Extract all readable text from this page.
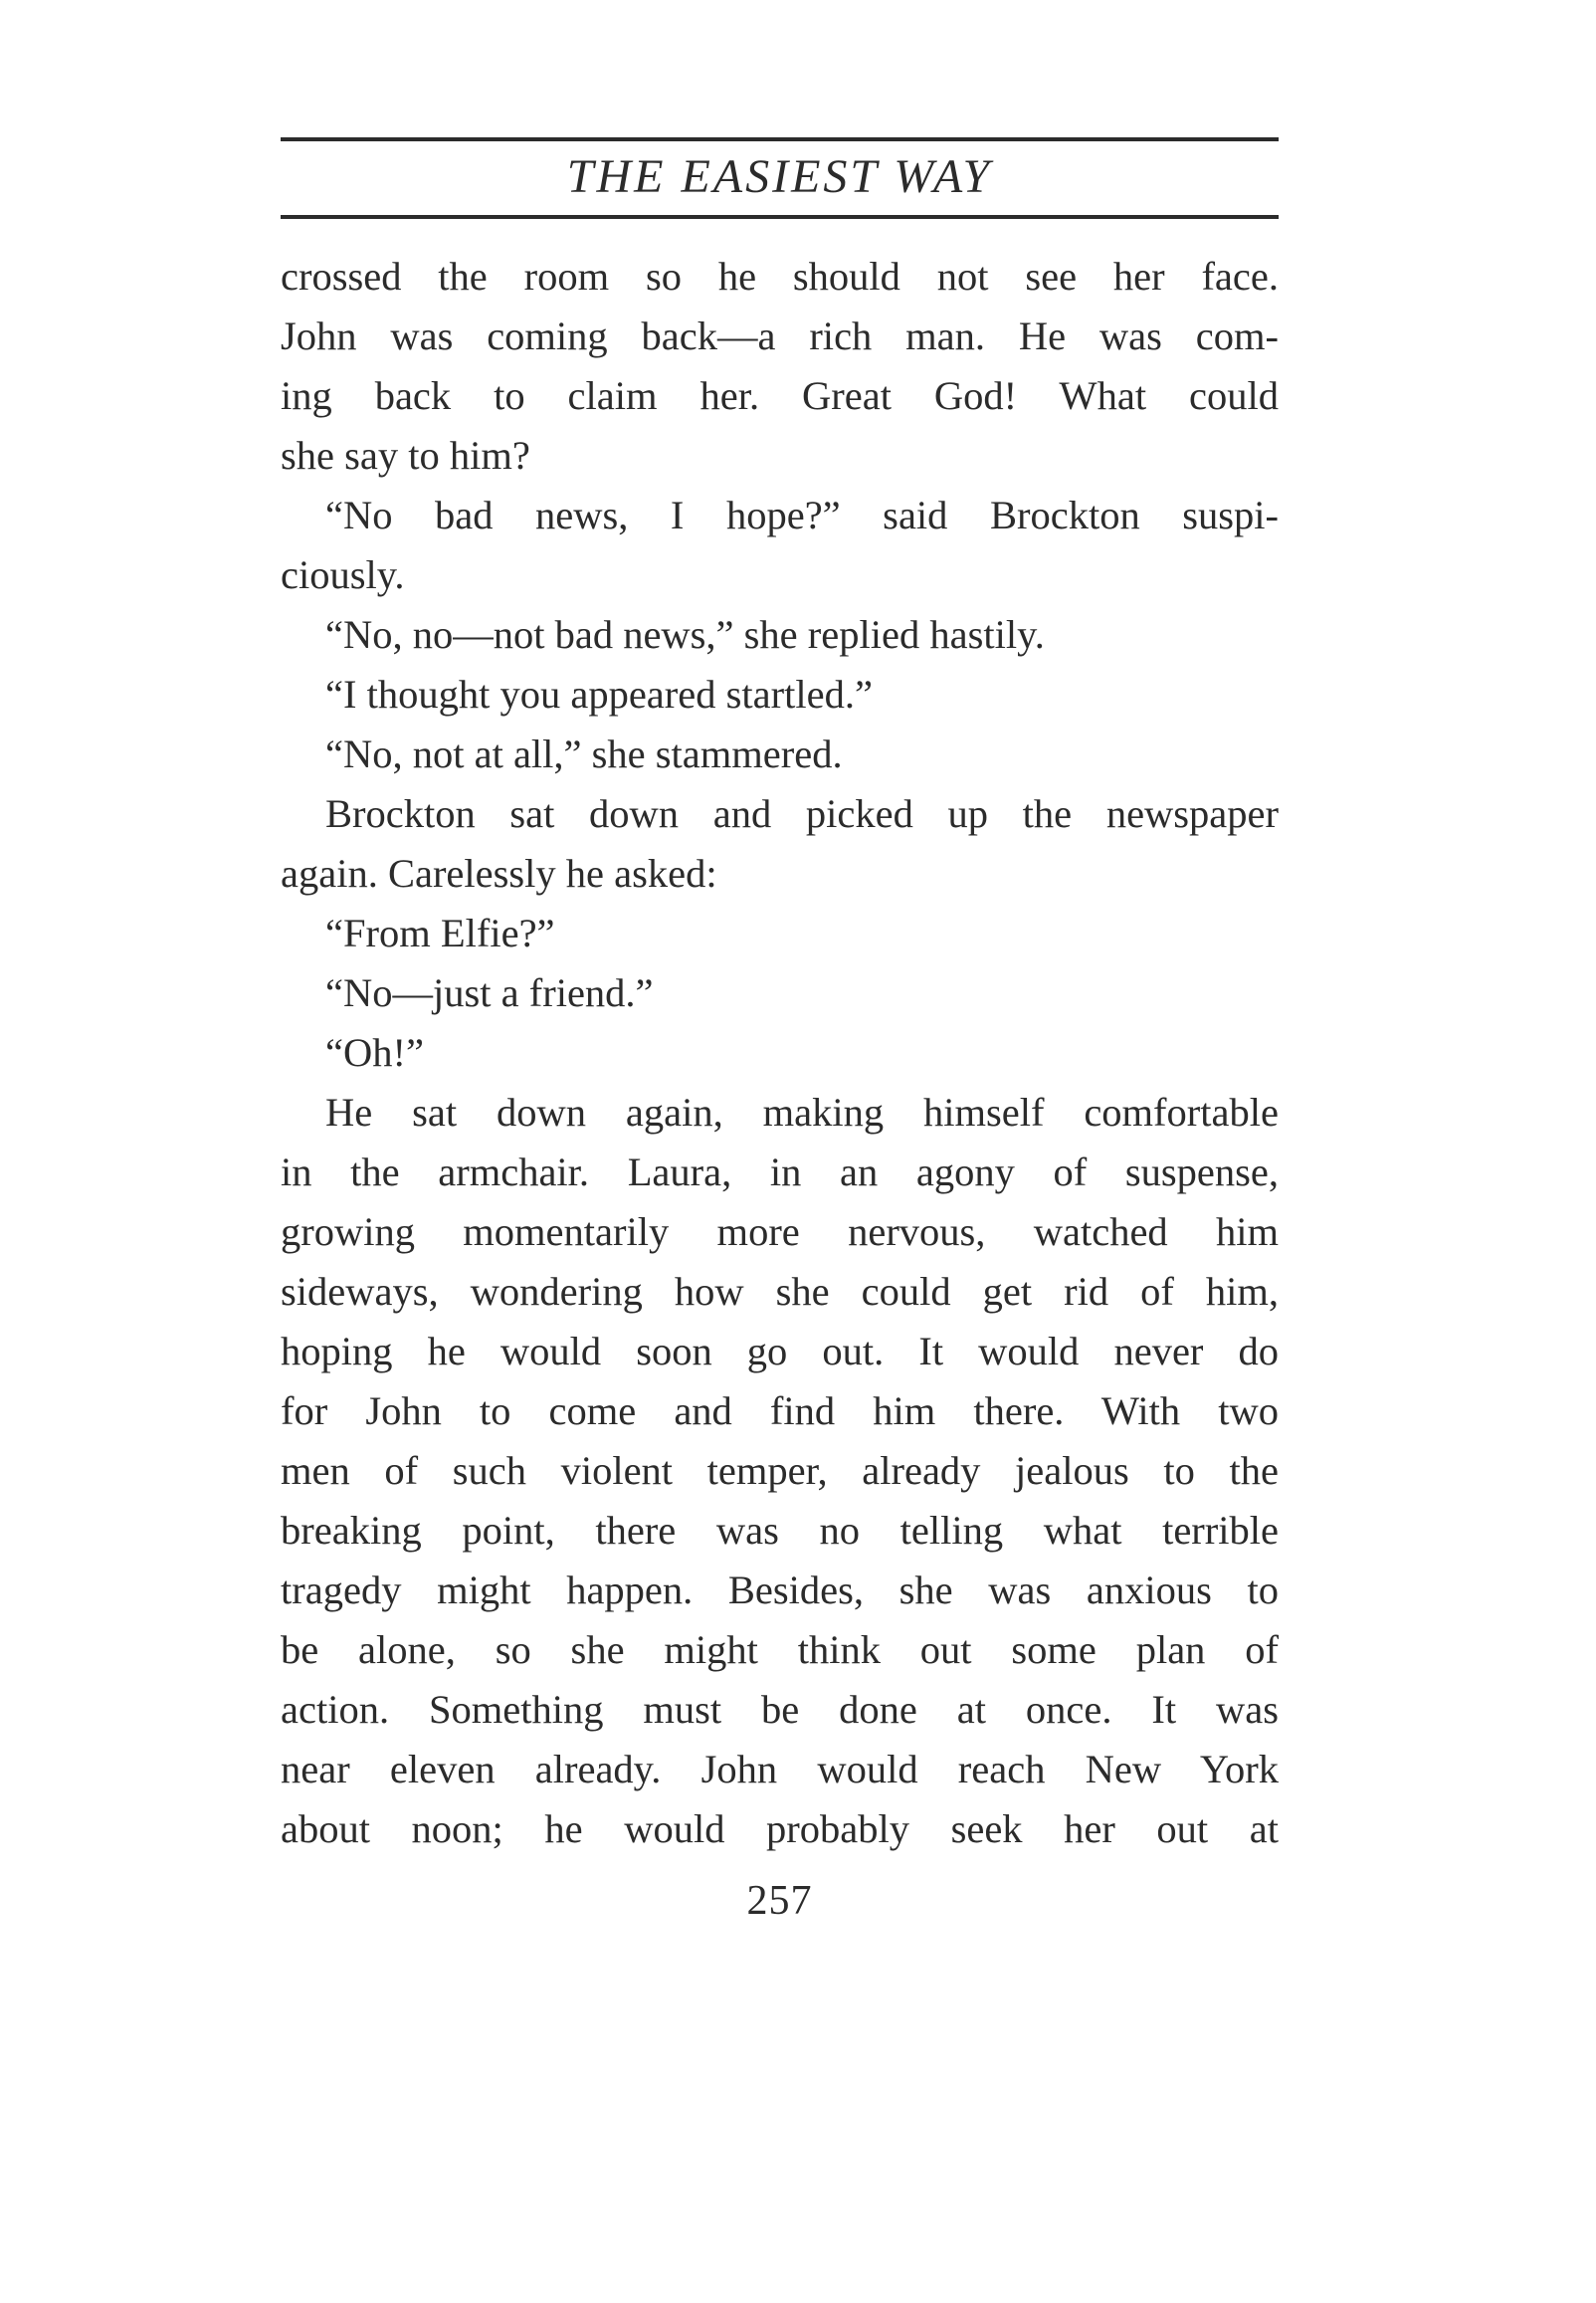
THE EASIEST WAY
crossed the room so he should not see her face.
John was coming back—a rich man. He was com-
ing back to claim her. Great God! What could
she say to him?
“No bad news, I hope?” said Brockton suspi-
ciously.
“No, no—not bad news,” she replied hastily.
“I thought you appeared startled.”
“No, not at all,” she stammered.
Brockton sat down and picked up the newspaper
again. Carelessly he asked:
“From Elfie?”
“No—just a friend.”
“Oh!”
He sat down again, making himself comfortable
in the armchair. Laura, in an agony of suspense,
growing momentarily more nervous, watched him
sideways, wondering how she could get rid of him,
hoping he would soon go out. It would never do
for John to come and find him there. With two
men of such violent temper, already jealous to the
breaking point, there was no telling what terrible
tragedy might happen. Besides, she was anxious to
be alone, so she might think out some plan of
action. Something must be done at once. It was
near eleven already. John would reach New York
about noon; he would probably seek her out at
257
